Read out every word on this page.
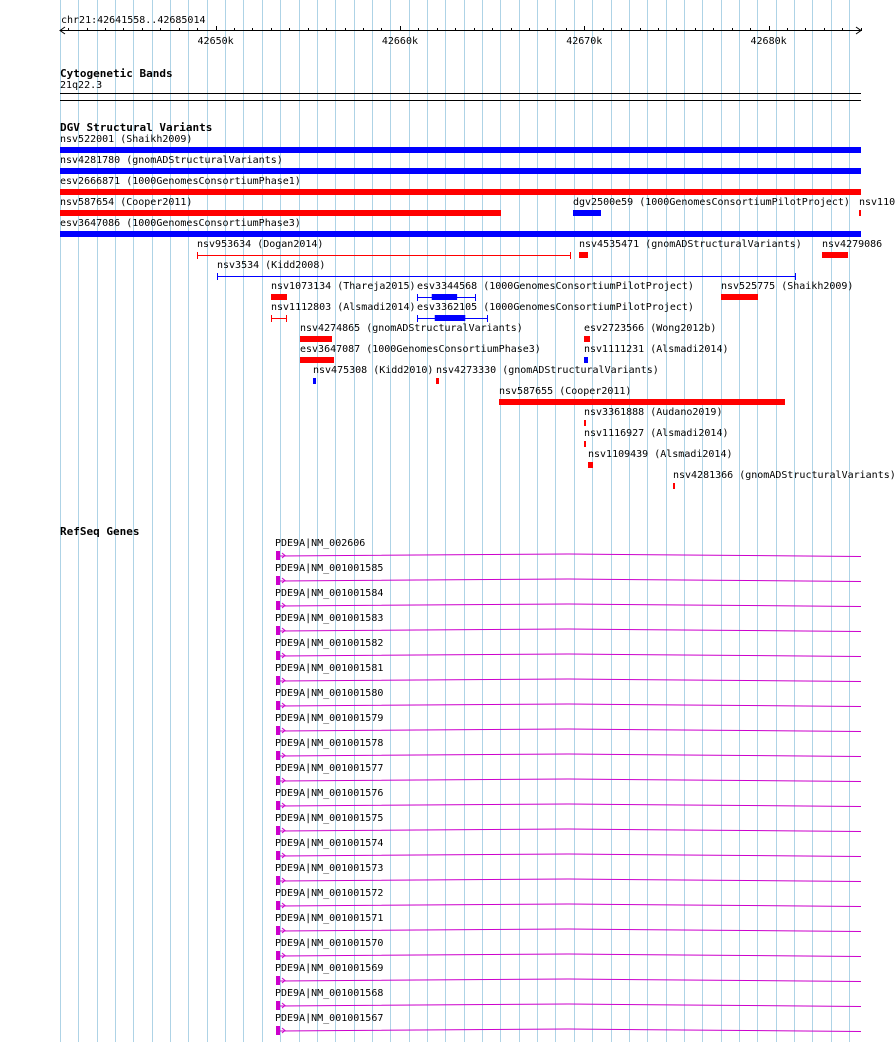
chr21:42641558..42685014
42650k	42660k	42670k	42680k
Cytogenetic Bands
21q22.3
DGV Structural Variants
nsv522001 (Shaikh2009)
nsv4281780 (gnomADStructuralVariants)
esv2666871 (1000GenomesConsortiumPhase1)
nsv587654 (Cooper2011)	dgv2500e59 (1000GenomesConsortiumPilotProject) nsv110
esv3647086 (1000GenomesConsortiumPhase3)
nsv953634 (Dogan2014)	nsv4535471 (gnomADStructuralVariants) nsv4279086
nsv3534 (Kidd2008)
nsv1073134 (Thareja2015) esv3344568 (1000GenomesConsortiumPilotProject)	nsv525775 (Shaikh2009)
nsv1112803 (Alsmadi2014) esv3362105 (1000GenomesConsortiumPilotProject)
nsv4274865 (gnomADStructuralVariants)	esv2723566 (Wong2012b)
esv3647087 (1000GenomesConsortiumPhase3)	nsv1111231 (Alsmadi2014)
nsv475308 (Kidd2010) nsv4273330 (gnomADStructuralVariants)
nsv587655 (Cooper2011)
nsv3361888 (Audano2019)
nsv1116927 (Alsmadi2014)
nsv1109439 (Alsmadi2014)
nsv4281366 (gnomADStructuralVariants)
RefSeq Genes
PDE9A|NM_002606
PDE9A|NM_001001585
PDE9A|NM_001001584
PDE9A|NM_001001583
PDE9A|NM_001001582
PDE9A|NM_001001581
PDE9A|NM_001001580
PDE9A|NM_001001579
PDE9A|NM_001001578
PDE9A|NM_001001577
PDE9A|NM_001001576
PDE9A|NM_001001575
PDE9A|NM_001001574
PDE9A|NM_001001573
PDE9A|NM_001001572
PDE9A|NM_001001571
PDE9A|NM_001001570
PDE9A|NM_001001569
PDE9A|NM_001001568
PDE9A|NM_001001567
